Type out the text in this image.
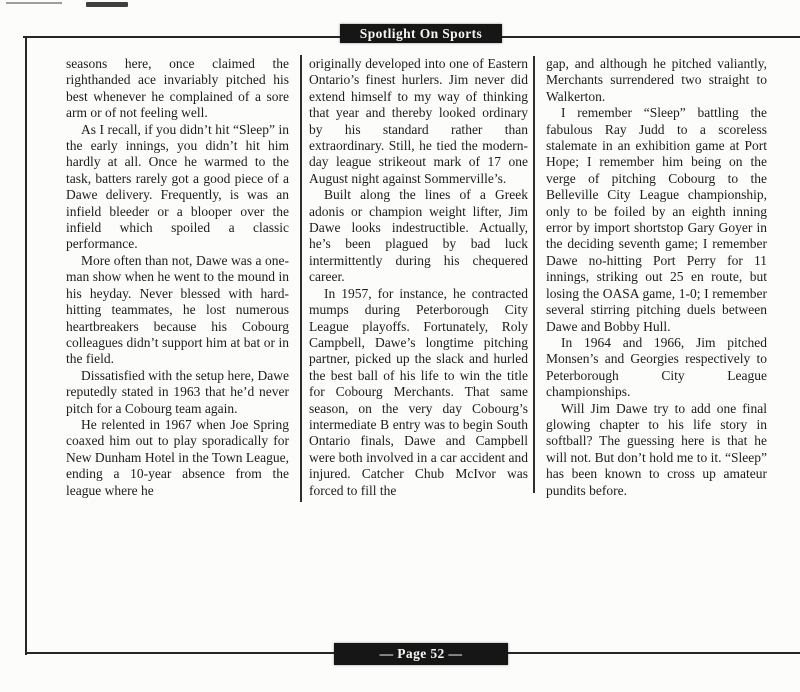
Spotlight On Sports

seasons here, once claimed the righthanded ace invariably pitched his best whenever he complained of a sore arm or of not feeling well.

As I recall, if you didn’t hit “Sleep” in the early innings, you didn’t hit him hardly at all. Once he warmed to the task, batters rarely got a good piece of a Dawe delivery. Frequently, is was an infield bleeder or a blooper over the infield which spoiled a classic performance.

More often than not, Dawe was a one-man show when he went to the mound in his heyday. Never blessed with hard-hitting teammates, he lost numerous heartbreakers because his Cobourg colleagues didn’t support him at bat or in the field.

Dissatisfied with the setup here, Dawe reputedly stated in 1963 that he’d never pitch for a Cobourg team again.

He relented in 1967 when Joe Spring coaxed him out to play sporadically for New Dunham Hotel in the Town League, ending a 10-year absence from the league where he

originally developed into one of Eastern Ontario’s finest hurlers. Jim never did extend himself to my way of thinking that year and thereby looked ordinary by his standard rather than extraordinary. Still, he tied the modern-day league strikeout mark of 17 one August night against Sommerville’s.

Built along the lines of a Greek adonis or champion weight lifter, Jim Dawe looks indestructible. Actually, he’s been plagued by bad luck intermittently during his chequered career.

In 1957, for instance, he contracted mumps during Peterborough City League playoffs. Fortunately, Roly Campbell, Dawe’s longtime pitching partner, picked up the slack and hurled the best ball of his life to win the title for Cobourg Merchants. That same season, on the very day Cobourg’s intermediate B entry was to begin South Ontario finals, Dawe and Campbell were both involved in a car accident and injured. Catcher Chub McIvor was forced to fill the

gap, and although he pitched valiantly, Merchants surrendered two straight to Walkerton.

I remember “Sleep” battling the fabulous Ray Judd to a scoreless stalemate in an exhibition game at Port Hope; I remember him being on the verge of pitching Cobourg to the Belleville City League championship, only to be foiled by an eighth inning error by import shortstop Gary Goyer in the deciding seventh game; I remember Dawe no-hitting Port Perry for 11 innings, striking out 25 en route, but losing the OASA game, 1-0; I remember several stirring pitching duels between Dawe and Bobby Hull.

In 1964 and 1966, Jim pitched Monsen’s and Georgies respectively to Peterborough City League championships.

Will Jim Dawe try to add one final glowing chapter to his life story in softball? The guessing here is that he will not. But don’t hold me to it. “Sleep” has been known to cross up amateur pundits before.

— Page 52 —
